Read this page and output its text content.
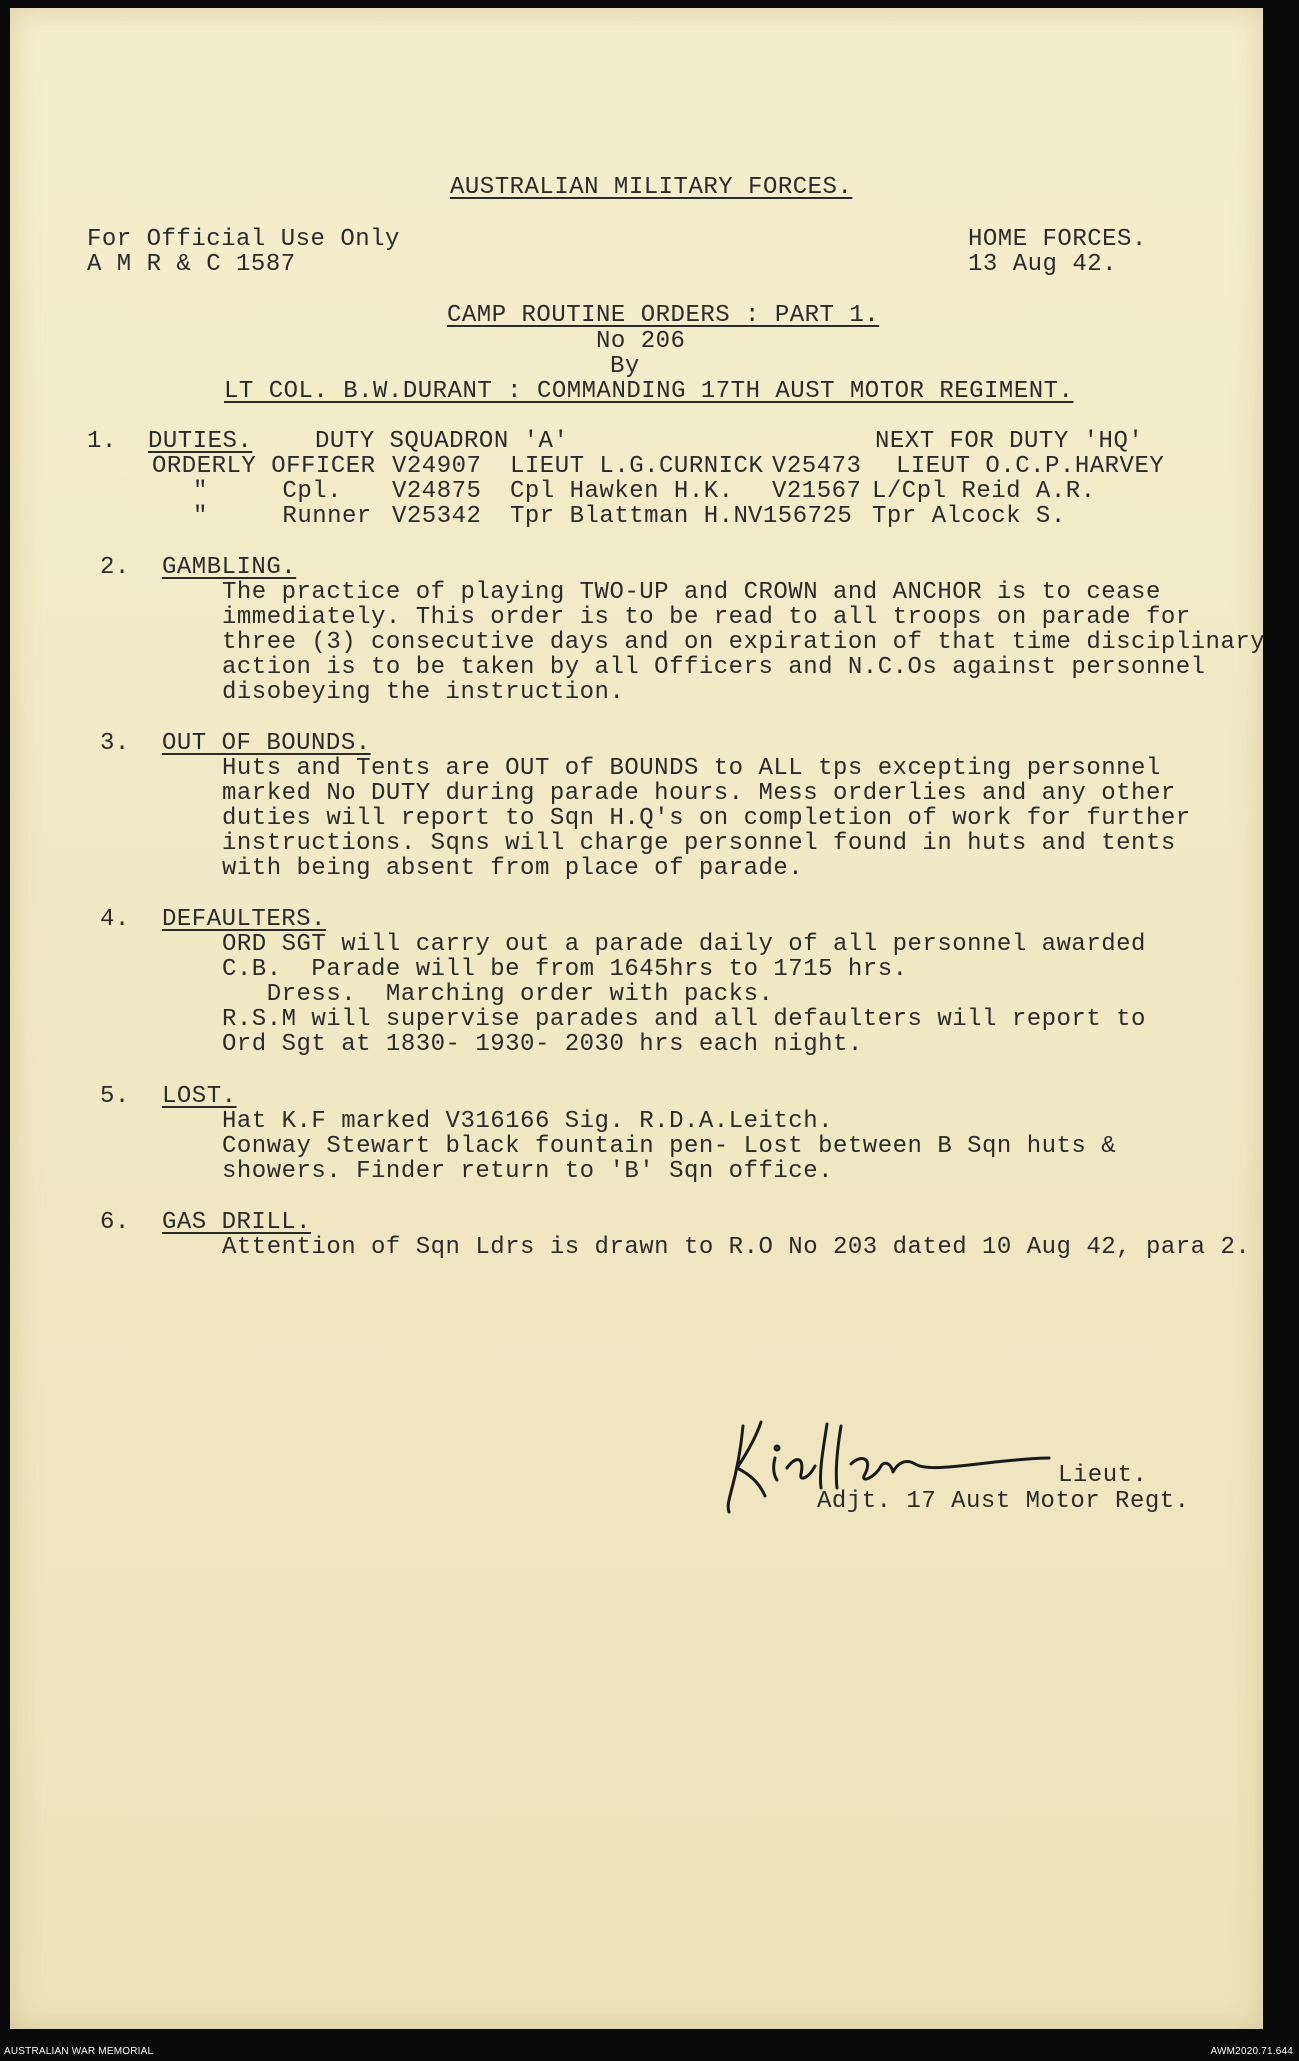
AUSTRALIAN MILITARY FORCES.
For Official Use Only
A M R & C 1587
HOME FORCES.
13 Aug 42.
CAMP ROUTINE ORDERS : PART 1.
No 206
By
LT COL. B.W.DURANT : COMMANDING 17TH AUST MOTOR REGIMENT.
1. DUTIES.	DUTY SQUADRON 'A'	NEXT FOR DUTY 'HQ'
ORDERLY OFFICER V24907 LIEUT L.G.CURNICK V25473 LIEUT O.C.P.HARVEY
"     Cpl. V24875 Cpl Hawken H.K. V21567 L/Cpl Reid A.R.
"     Runner V25342 Tpr Blattman H.N V156725 Tpr Alcock S.
2. GAMBLING.
The practice of playing TWO-UP and CROWN and ANCHOR is to cease
immediately. This order is to be read to all troops on parade for
three (3) consecutive days and on expiration of that time disciplinary
action is to be taken by all Officers and N.C.Os against personnel
disobeying the instruction.
3. OUT OF BOUNDS.
Huts and Tents are OUT of BOUNDS to ALL tps excepting personnel
marked No DUTY during parade hours. Mess orderlies and any other
duties will report to Sqn H.Q's on completion of work for further
instructions. Sqns will charge personnel found in huts and tents
with being absent from place of parade.
4. DEFAULTERS.
ORD SGT will carry out a parade daily of all personnel awarded
C.B.  Parade will be from 1645hrs to 1715 hrs.
Dress.  Marching order with packs.
R.S.M will supervise parades and all defaulters will report to
Ord Sgt at 1830- 1930- 2030 hrs each night.
5. LOST.
Hat K.F marked V316166 Sig. R.D.A.Leitch.
Conway Stewart black fountain pen- Lost between B Sqn huts &
showers. Finder return to 'B' Sqn office.
6. GAS DRILL.
Attention of Sqn Ldrs is drawn to R.O No 203 dated 10 Aug 42, para 2.
Lieut.
Adjt. 17 Aust Motor Regt.
AUSTRALIAN WAR MEMORIAL	AWM2020.71.644
